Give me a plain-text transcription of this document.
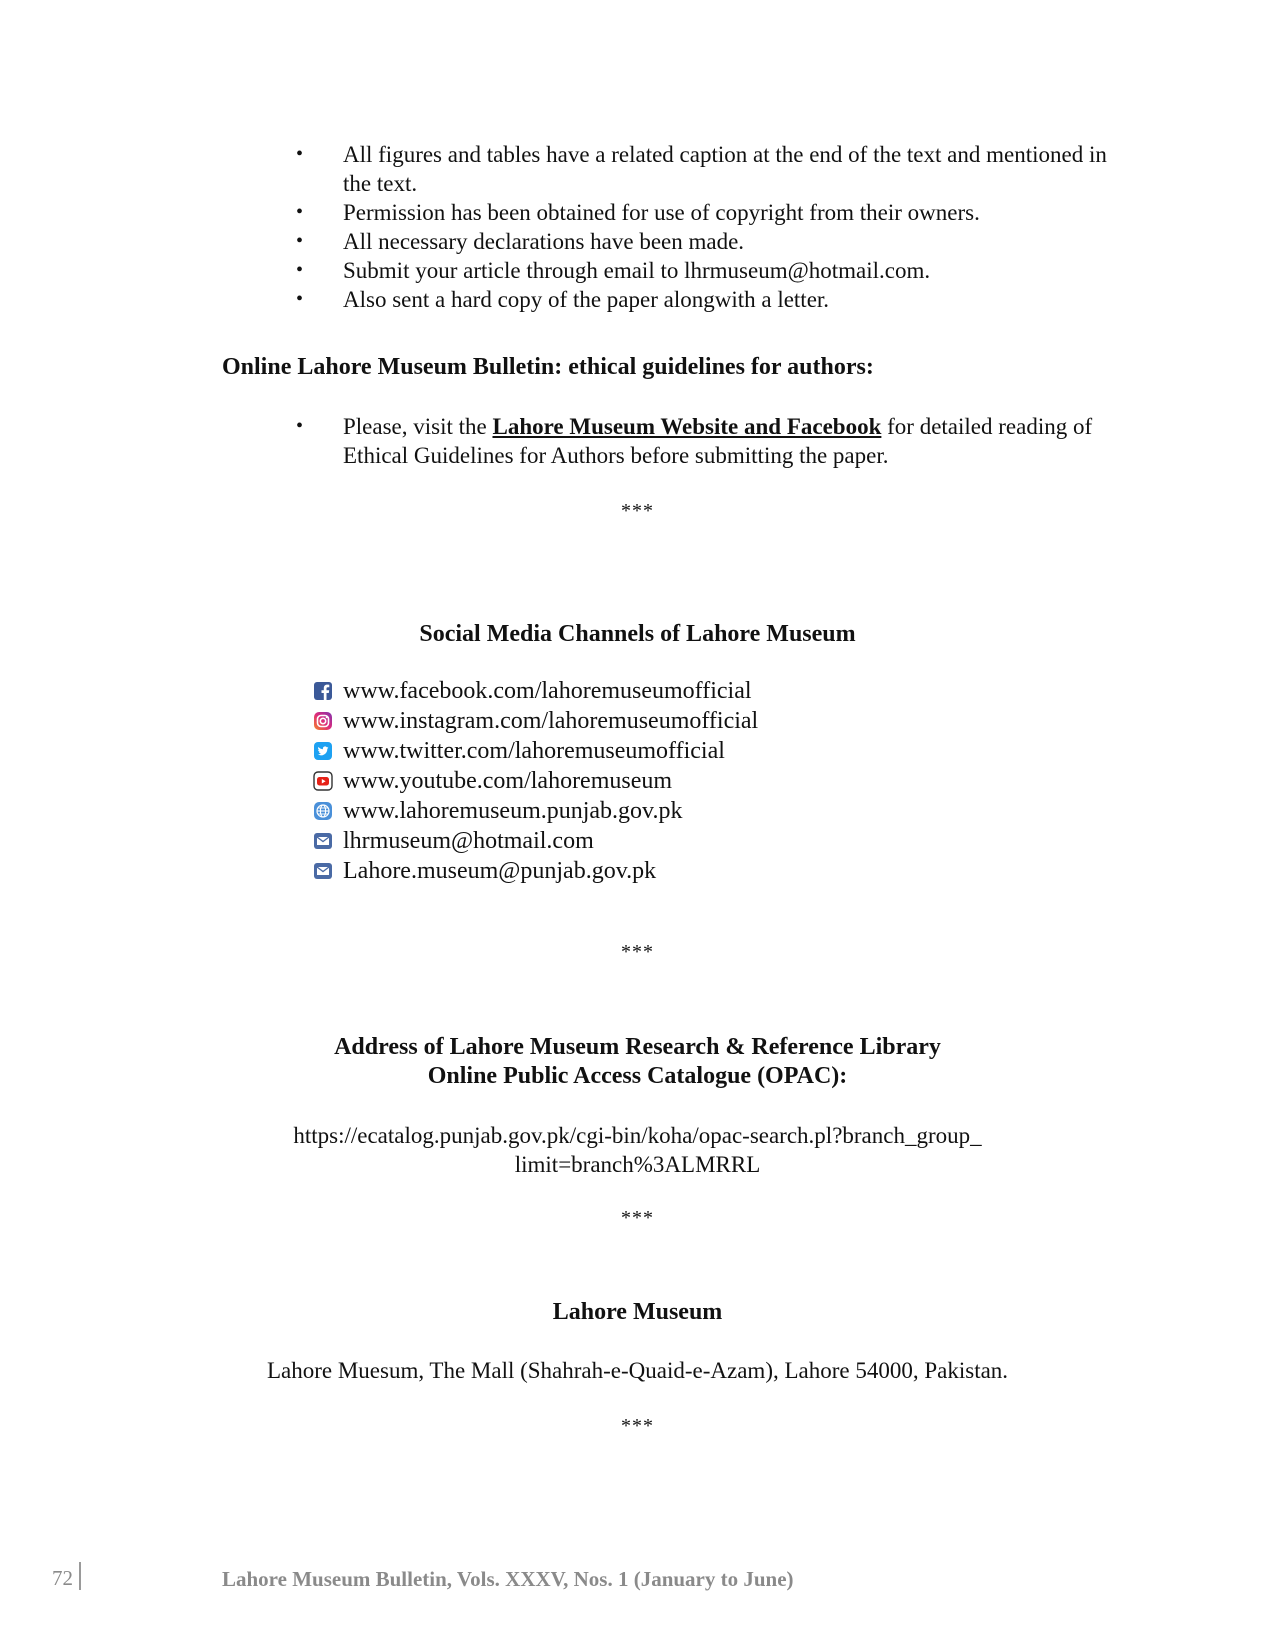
• All figures and tables have a related caption at the end of the text and mentioned in the text.
• Permission has been obtained for use of copyright from their owners.
• All necessary declarations have been made.
• Submit your article through email to lhrmuseum@hotmail.com.
• Also sent a hard copy of the paper alongwith a letter.
Online Lahore Museum Bulletin: ethical guidelines for authors:
• Please, visit the Lahore Museum Website and Facebook for detailed reading of Ethical Guidelines for Authors before submitting the paper.
***
Social Media Channels of Lahore Museum
www.facebook.com/lahoremuseumofficial
www.instagram.com/lahoremuseumofficial
www.twitter.com/lahoremuseumofficial
www.youtube.com/lahoremuseum
www.lahoremuseum.punjab.gov.pk
lhrmuseum@hotmail.com
Lahore.museum@punjab.gov.pk
***
Address of Lahore Museum Research & Reference Library
Online Public Access Catalogue (OPAC):
https://ecatalog.punjab.gov.pk/cgi-bin/koha/opac-search.pl?branch_group_
limit=branch%3ALMRRL
***
Lahore Museum
Lahore Muesum, The Mall (Shahrah-e-Quaid-e-Azam), Lahore 54000, Pakistan.
***
72	Lahore Museum Bulletin, Vols. XXXV, Nos. 1 (January to June)
